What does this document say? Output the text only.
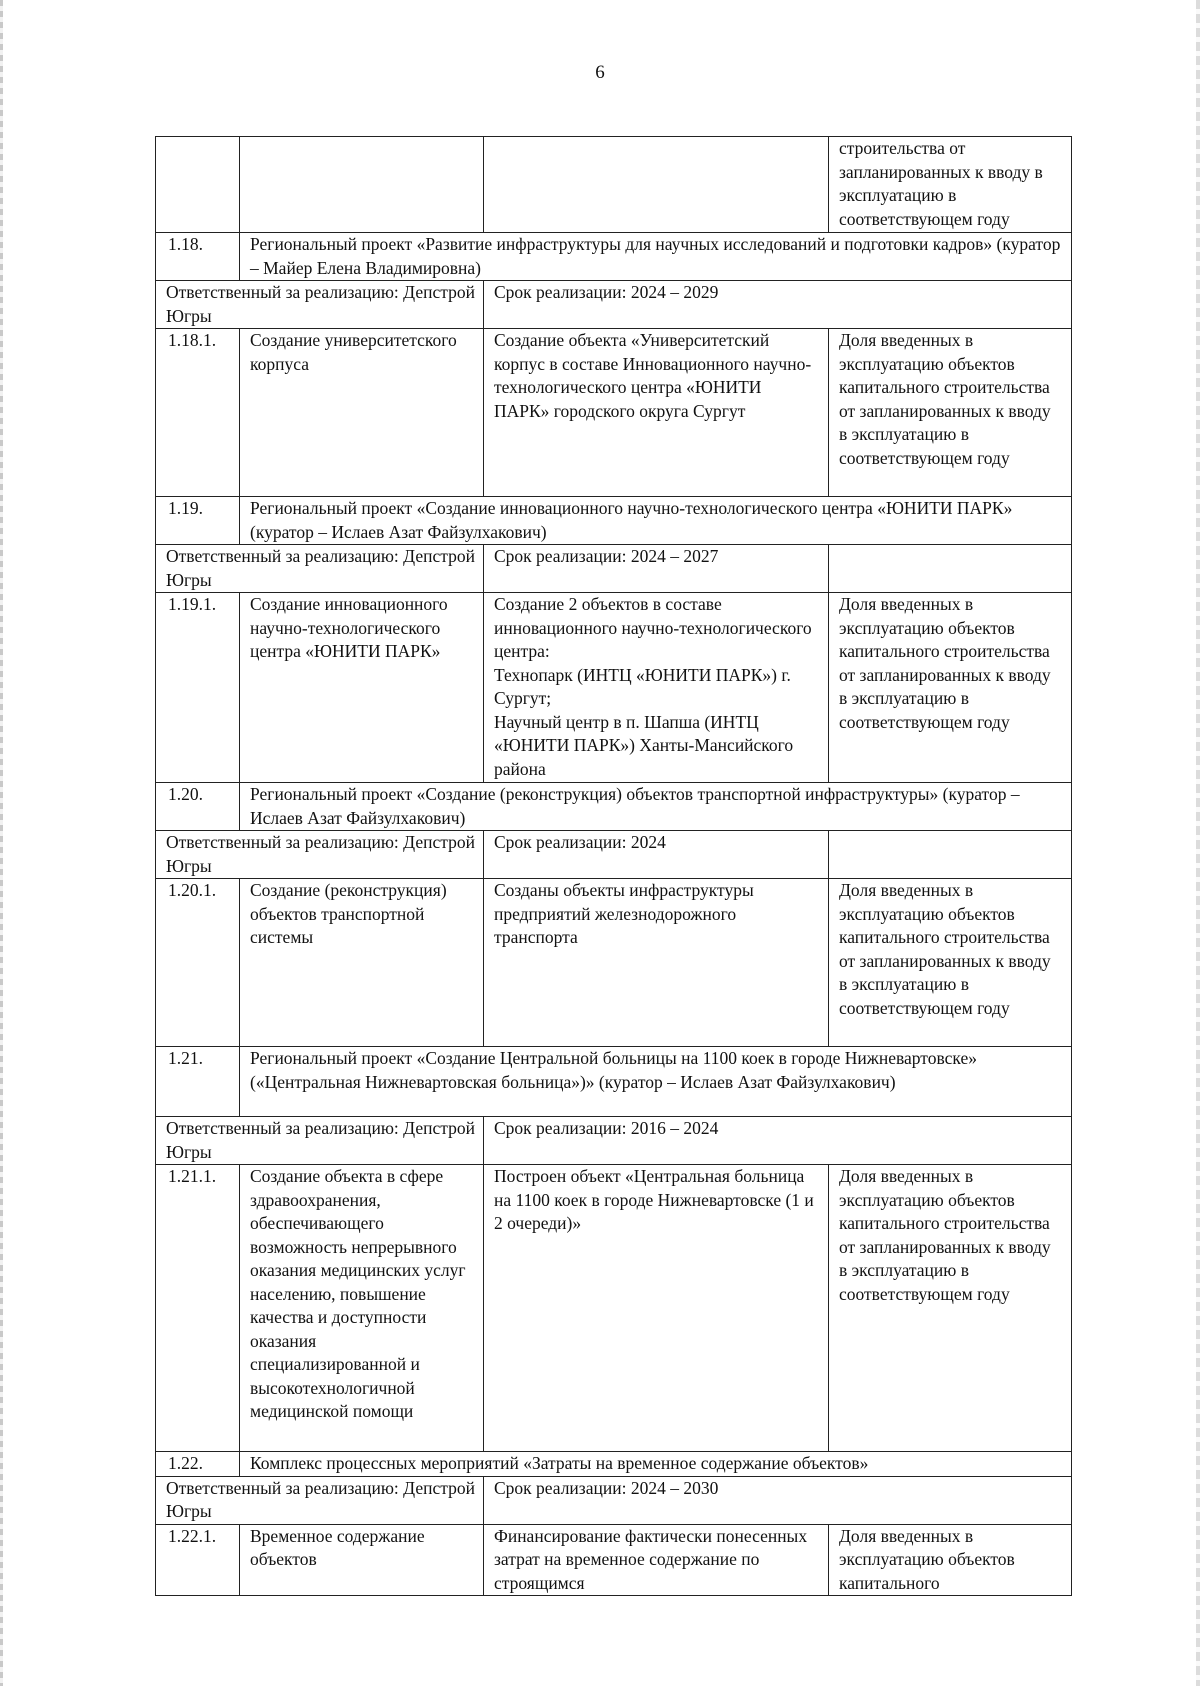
6
			строительства от запланированных к вводу в эксплуатацию в соответствующем году
1.18.	Региональный проект «Развитие инфраструктуры для научных исследований и подготовки кадров» (куратор – Майер Елена Владимировна)		
Ответственный за реализацию: Депстрой Югры		Срок реализации: 2024 – 2029	
1.18.1.	Создание университетского корпуса	Создание объекта «Университетский корпус в составе Инновационного научно-технологического центра «ЮНИТИ ПАРК» городского округа Сургут	Доля введенных в эксплуатацию объектов капитального строительства от запланированных к вводу в эксплуатацию в соответствующем году
1.19.	Региональный проект «Создание инновационного научно-технологического центра «ЮНИТИ ПАРК» (куратор – Ислаев Азат Файзулхакович)		
Ответственный за реализацию: Депстрой Югры		Срок реализации: 2024 – 2027	
1.19.1.	Создание инновационного научно-технологического центра «ЮНИТИ ПАРК»	Создание 2 объектов в составе инновационного научно-технологического центра:
Технопарк (ИНТЦ «ЮНИТИ ПАРК») г. Сургут;
Научный центр в п. Шапша (ИНТЦ «ЮНИТИ ПАРК») Ханты-Мансийского района	Доля введенных в эксплуатацию объектов капитального строительства от запланированных к вводу в эксплуатацию в соответствующем году
1.20.	Региональный проект «Создание (реконструкция) объектов транспортной инфраструктуры» (куратор – Ислаев Азат Файзулхакович)		
Ответственный за реализацию: Депстрой Югры		Срок реализации: 2024	
1.20.1.	Создание (реконструкция) объектов транспортной системы	Созданы объекты инфраструктуры предприятий железнодорожного транспорта	Доля введенных в эксплуатацию объектов капитального строительства от запланированных к вводу в эксплуатацию в соответствующем году
1.21.	Региональный проект «Создание Центральной больницы на 1100 коек в городе Нижневартовске» («Центральная Нижневартовская больница»)» (куратор – Ислаев Азат Файзулхакович)		
Ответственный за реализацию: Депстрой Югры		Срок реализации: 2016 – 2024	
1.21.1.	Создание объекта в сфере здравоохранения, обеспечивающего возможность непрерывного оказания медицинских услуг населению, повышение качества и доступности оказания специализированной и высокотехнологичной медицинской помощи	Построен объект «Центральная больница на 1100 коек в городе Нижневартовске (1 и 2 очереди)»	Доля введенных в эксплуатацию объектов капитального строительства от запланированных к вводу в эксплуатацию в соответствующем году
1.22.	Комплекс процессных мероприятий «Затраты на временное содержание объектов»		
Ответственный за реализацию: Депстрой Югры		Срок реализации: 2024 – 2030	
1.22.1.	Временное содержание объектов	Финансирование фактически понесенных затрат на временное содержание по строящимся	Доля введенных в эксплуатацию объектов капитального
